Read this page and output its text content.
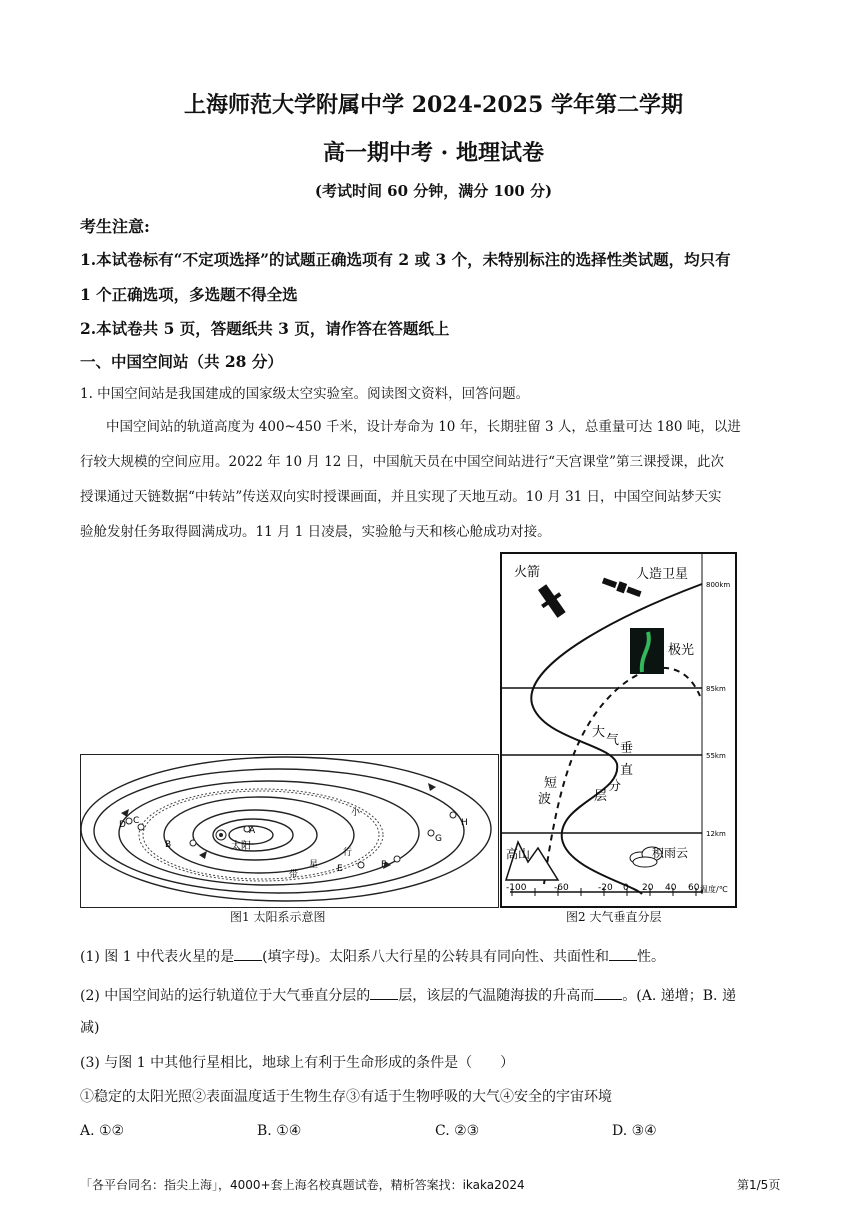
上海师范大学附属中学 2024-2025 学年第二学期
高一期中考 · 地理试卷
(考试时间 60 分钟，满分 100 分)
考生注意:
1.本试卷标有“不定项选择”的试题正确选项有 2 或 3 个，未特别标注的选择性类试题，均只有
1 个正确选项，多选题不得全选
2.本试卷共 5 页，答题纸共 3 页，请作答在答题纸上
一、中国空间站（共 28 分）
1. 中国空间站是我国建成的国家级太空实验室。阅读图文资料，回答问题。
中国空间站的轨道高度为 400~450 千米，设计寿命为 10 年，长期驻留 3 人，总重量可达 180 吨，以进
行较大规模的空间应用。2022 年 10 月 12 日，中国航天员在中国空间站进行“天宫课堂”第三课授课，此次
授课通过天链数据“中转站”传送双向实时授课画面，并且实现了天地互动。10 月 31 日，中国空间站梦天实
验舱发射任务取得圆满成功。11 月 1 日凌晨，实验舱与天和核心舱成功对接。
太阳
A
B
C
D
E	F
G
H
小
行
星
带
图1 太阳系示意图
800km
85km
55km
12km
火箭	人造卫星
极光
大
气
垂
直
分
层
短
波
高山	积雨云
-100	-60	-20 0 20 40 60 温度/℃
图2 大气垂直分层
(1) 图 1 中代表火星的是 (填字母)。太阳系八大行星的公转具有同向性、共面性和 性。
(2) 中国空间站的运行轨道位于大气垂直分层的 层，该层的气温随海拔的升高而 。(A. 递增；B. 递
减)
(3) 与图 1 中其他行星相比，地球上有利于生命形成的条件是（　　）
①稳定的太阳光照②表面温度适于生物生存③有适于生物呼吸的大气④安全的宇宙环境
A. ①②	B. ①④	C. ②③	D. ③④
「各平台同名：指尖上海」，4000+套上海名校真题试卷，精析答案找：ikaka2024	第1/5页
